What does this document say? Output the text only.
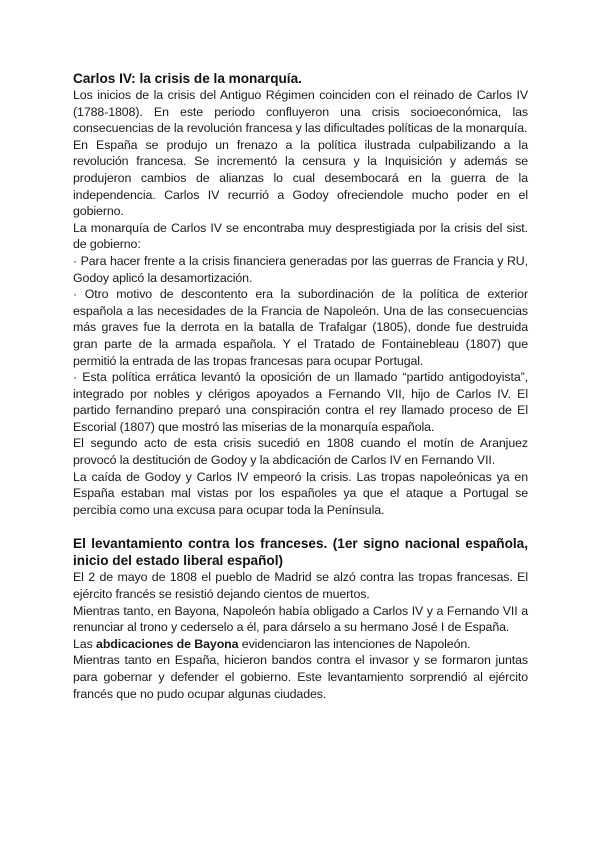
Carlos IV: la crisis de la monarquía.

Los inicios de la crisis del Antiguo Régimen coinciden con el reinado de Carlos IV (1788-1808). En este periodo confluyeron una crisis socioeconómica, las consecuencias de la revolución francesa y las dificultades políticas de la monarquía.

En España se produjo un frenazo a la política ilustrada culpabilizando a la revolución francesa. Se incrementó la censura y la Inquisición y además se produjeron cambios de alianzas lo cual desembocará en la guerra de la independencia. Carlos IV recurrió a Godoy ofreciendole mucho poder en el gobierno.

La monarquía de Carlos IV se encontraba muy desprestigiada por la crisis del sist. de gobierno:

· Para hacer frente a la crisis financiera generadas por las guerras de Francia y RU, Godoy aplicó la desamortización.

· Otro motivo de descontento era la subordinación de la política de exterior española a las necesidades de la Francia de Napoleón. Una de las consecuencias más graves fue la derrota en la batalla de Trafalgar (1805), donde fue destruida gran parte de la armada española. Y el Tratado de Fontainebleau (1807) que permitió la entrada de las tropas francesas para ocupar Portugal.

· Esta política errática levantó la oposición de un llamado “partido antigodoyista”, integrado por nobles y clérigos apoyados a Fernando VII, hijo de Carlos IV. El partido fernandino preparó una conspiración contra el rey llamado proceso de El Escorial (1807) que mostró las miserias de la monarquía española.

El segundo acto de esta crisis sucedió en 1808 cuando el motín de Aranjuez provocó la destitución de Godoy y la abdicación de Carlos IV en Fernando VII.

La caída de Godoy y Carlos IV empeoró la crisis. Las tropas napoleónicas ya en España estaban mal vistas por los españoles ya que el ataque a Portugal se percibía como una excusa para ocupar toda la Península.

El levantamiento contra los franceses. (1er signo nacional española, inicio del estado liberal español)

El 2 de mayo de 1808 el pueblo de Madrid se alzó contra las tropas francesas. El ejército francés se resistió dejando cientos de muertos.

Mientras tanto, en Bayona, Napoleón había obligado a Carlos IV y a Fernando VII a renunciar al trono y cederselo a él, para dárselo a su hermano José I de España.

Las abdicaciones de Bayona evidenciaron las intenciones de Napoleón.

Mientras tanto en España, hicieron bandos contra el invasor y se formaron juntas para gobernar y defender el gobierno. Este levantamiento sorprendió al ejército francés que no pudo ocupar algunas ciudades.
